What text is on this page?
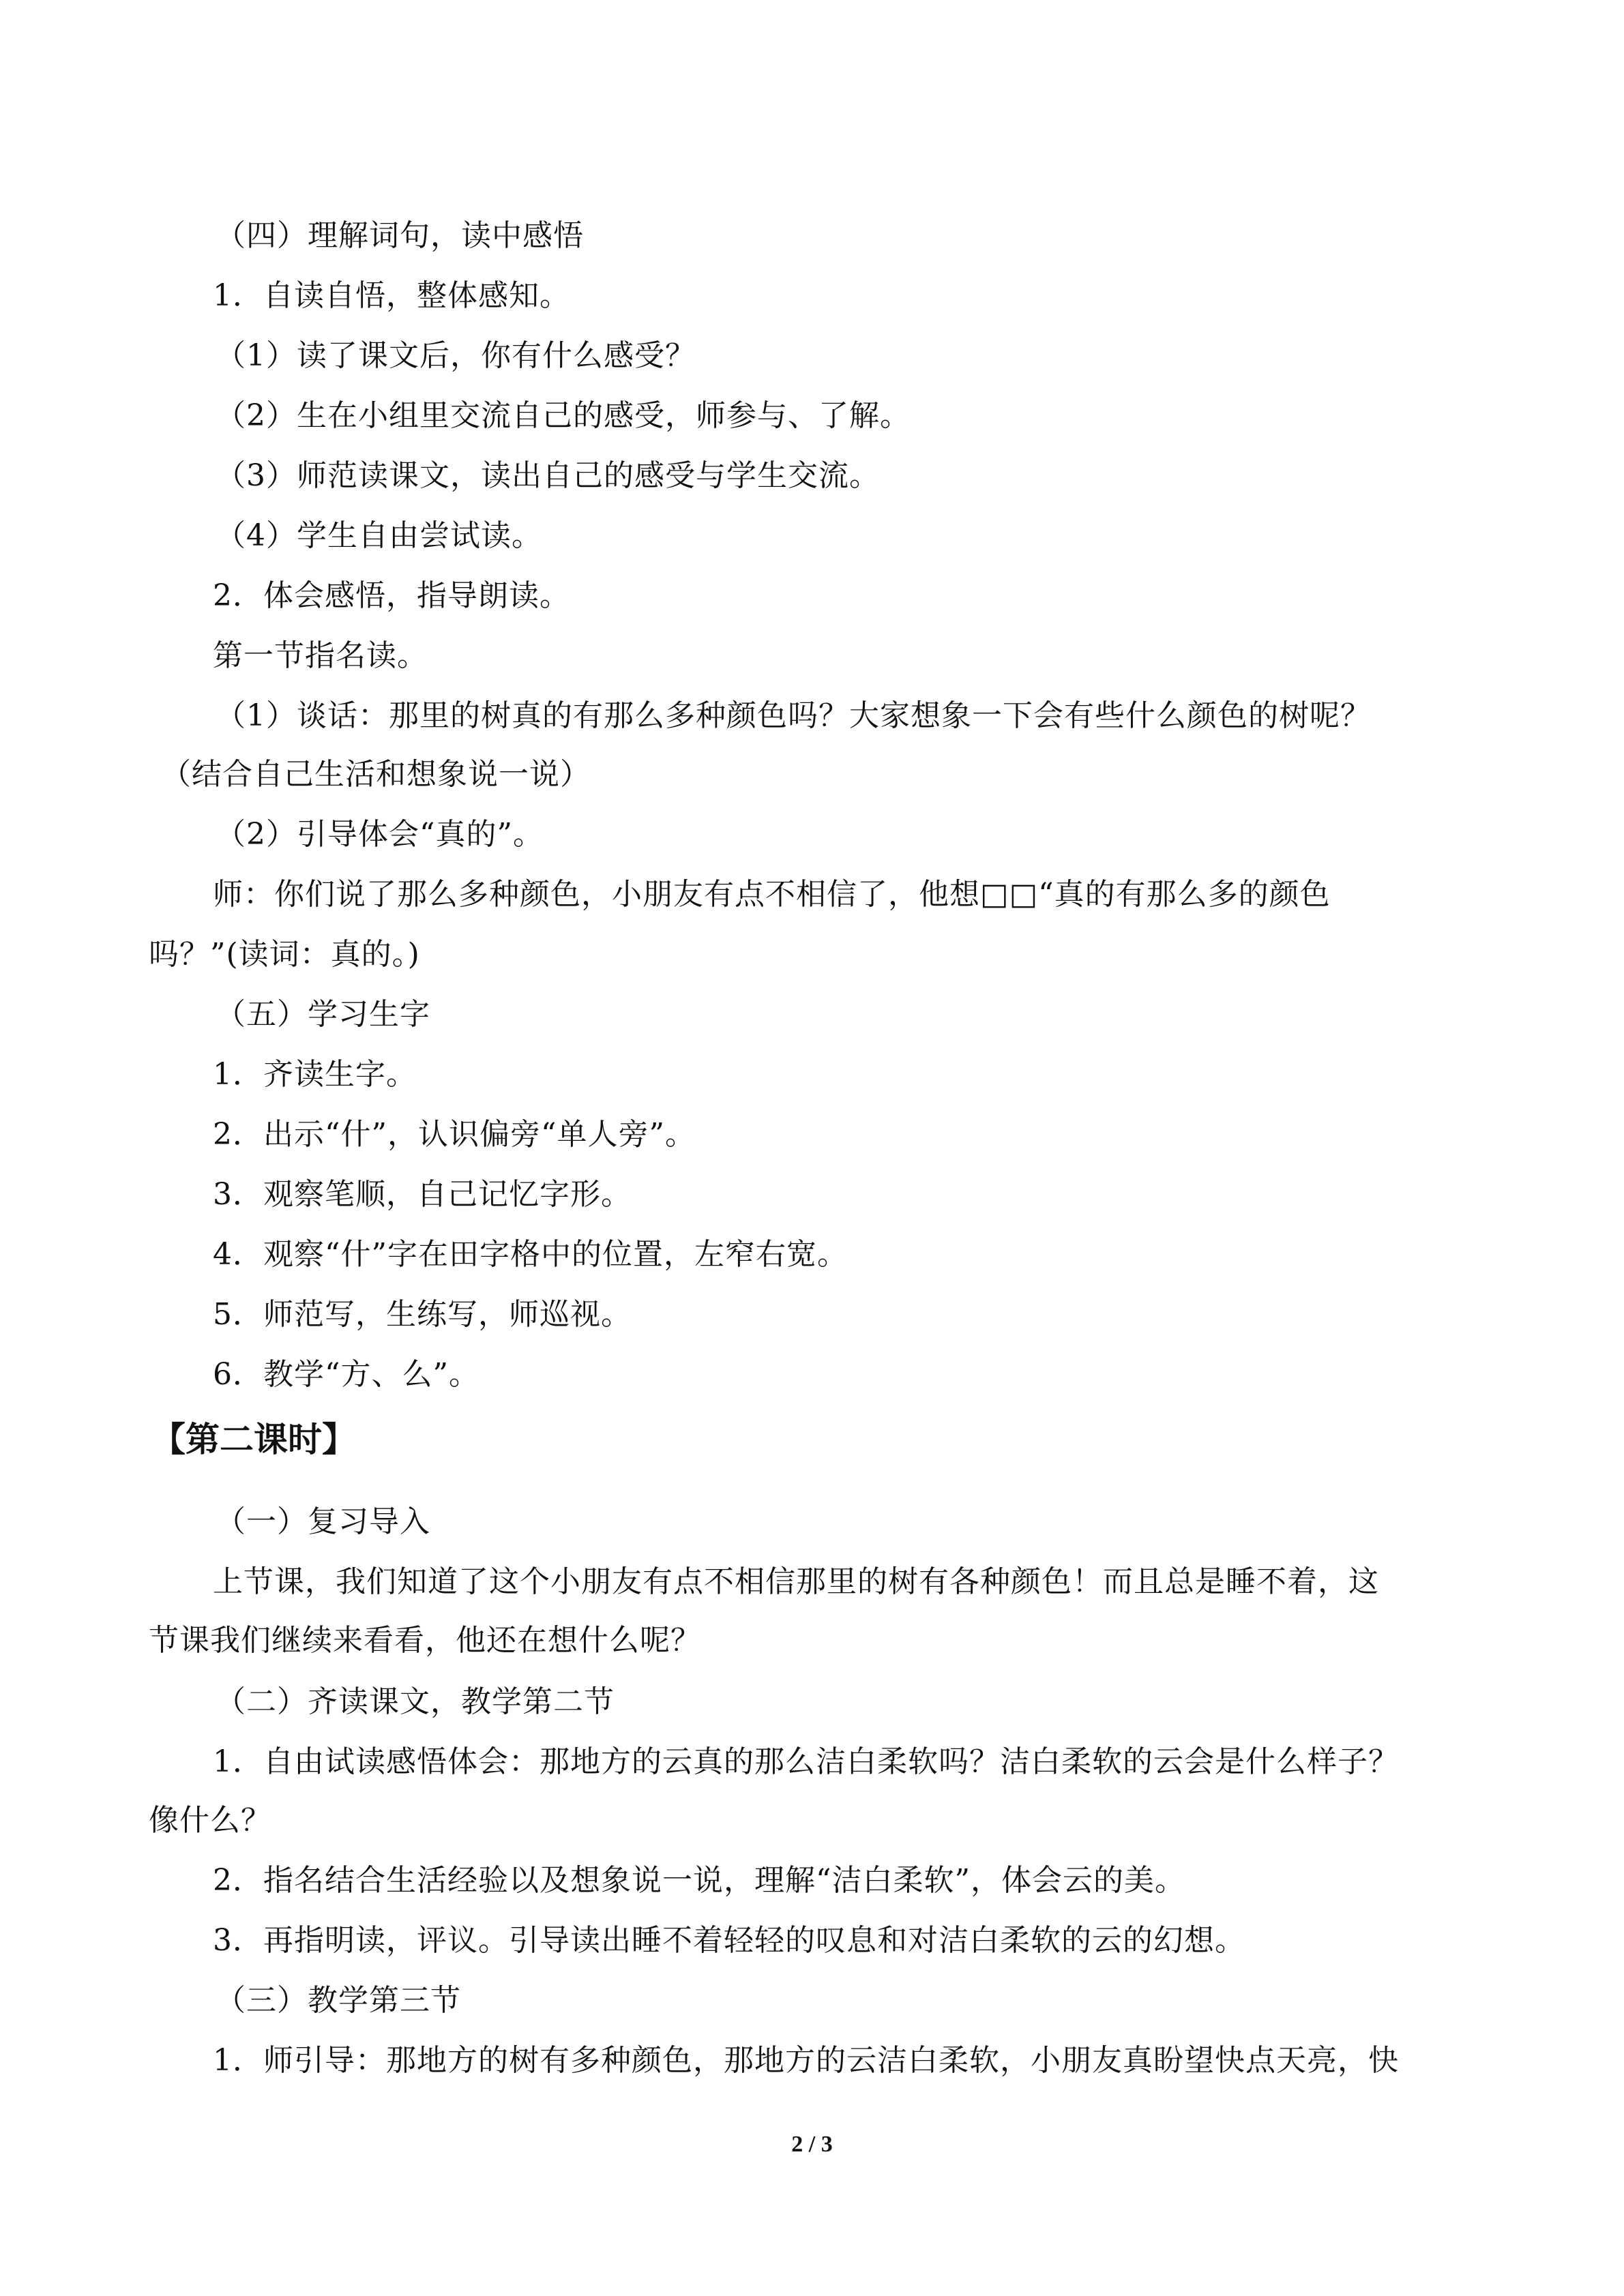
（四）理解词句，读中感悟
1．自读自悟，整体感知。
（1）读了课文后，你有什么感受？
（2）生在小组里交流自己的感受，师参与、了解。
（3）师范读课文，读出自己的感受与学生交流。
（4）学生自由尝试读。
2．体会感悟，指导朗读。
第一节指名读。
（1）谈话：那里的树真的有那么多种颜色吗？大家想象一下会有些什么颜色的树呢？
（结合自己生活和想象说一说）
（2）引导体会“真的”。
师：你们说了那么多种颜色，小朋友有点不相信了，他想□□“真的有那么多的颜色
吗？”(读词：真的。)
（五）学习生字
1．齐读生字。
2．出示“什”，认识偏旁“单人旁”。
3．观察笔顺，自己记忆字形。
4．观察“什”字在田字格中的位置，左窄右宽。
5．师范写，生练写，师巡视。
6．教学“方、么”。
【第二课时】
（一）复习导入
上节课，我们知道了这个小朋友有点不相信那里的树有各种颜色！而且总是睡不着，这
节课我们继续来看看，他还在想什么呢？
（二）齐读课文，教学第二节
1．自由试读感悟体会：那地方的云真的那么洁白柔软吗？洁白柔软的云会是什么样子？
像什么？
2．指名结合生活经验以及想象说一说，理解“洁白柔软”，体会云的美。
3．再指明读，评议。引导读出睡不着轻轻的叹息和对洁白柔软的云的幻想。
（三）教学第三节
1．师引导：那地方的树有多种颜色，那地方的云洁白柔软，小朋友真盼望快点天亮，快
2 / 3
